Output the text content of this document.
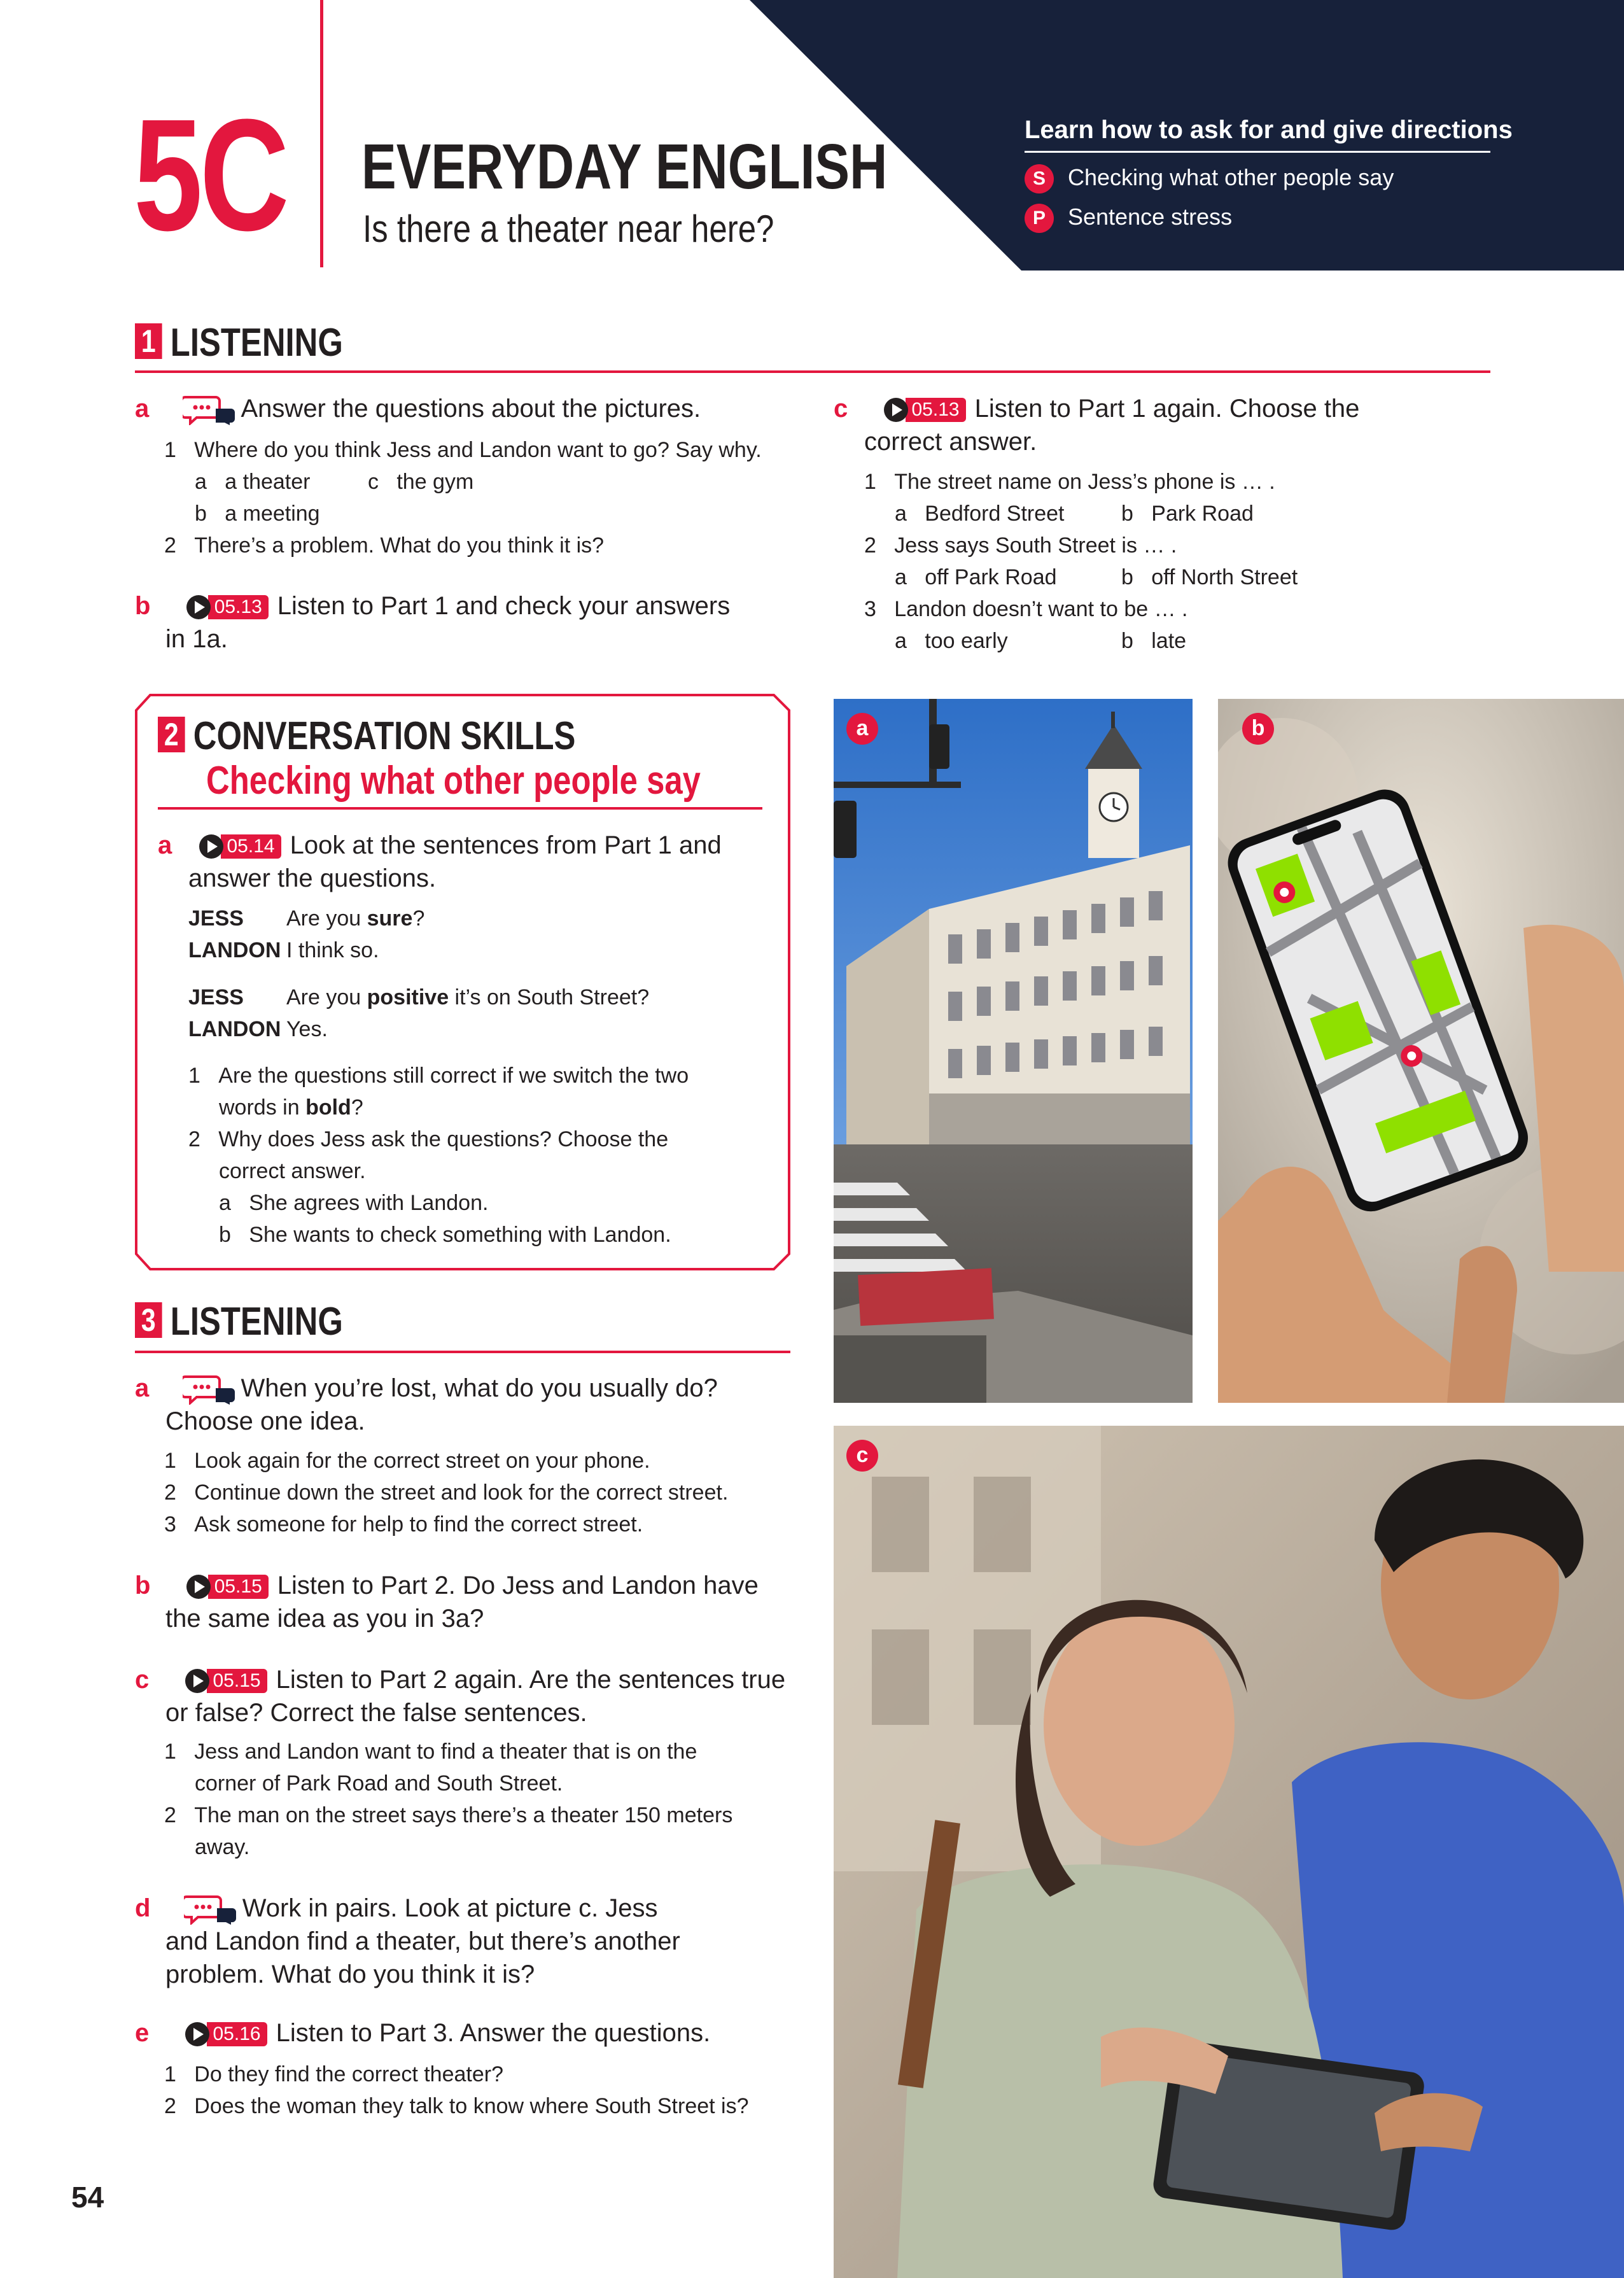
5C EVERYDAY ENGLISH
Is there a theater near here?
Learn how to ask for and give directions
S Checking what other people say
P Sentence stress
1 LISTENING
a	Answer the questions about the pictures.
1 Where do you think Jess and Landon want to go? Say why.
a a theater	c the gym
b a meeting
2 There’s a problem. What do you think it is?
b	05.13 Listen to Part 1 and check your answers
in 1a.
c	05.13 Listen to Part 1 again. Choose the
correct answer.
1 The street name on Jess’s phone is … .
a Bedford Street	b Park Road
2 Jess says South Street is … .
a off Park Road	b off North Street
3 Landon doesn’t want to be … .
a too early	b late
2 CONVERSATION SKILLS
Checking what other people say
a	05.14 Look at the sentences from Part 1 and
answer the questions.
JESS Are you sure?
LANDON I think so.
JESS Are you positive it’s on South Street?
LANDON Yes.
1 Are the questions still correct if we switch the two
words in bold?
2 Why does Jess ask the questions? Choose the
correct answer.
a She agrees with Landon.
b She wants to check something with Landon.
3 LISTENING
a	When you’re lost, what do you usually do?
Choose one idea.
1 Look again for the correct street on your phone.
2 Continue down the street and look for the correct street.
3 Ask someone for help to find the correct street.
b	05.15 Listen to Part 2. Do Jess and Landon have
the same idea as you in 3a?
c	05.15 Listen to Part 2 again. Are the sentences true
or false? Correct the false sentences.
1 Jess and Landon want to find a theater that is on the
corner of Park Road and South Street.
2 The man on the street says there’s a theater 150 meters
away.
d	Work in pairs. Look at picture c. Jess
and Landon find a theater, but there’s another
problem. What do you think it is?
e	05.16 Listen to Part 3. Answer the questions.
1 Do they find the correct theater?
2 Does the woman they talk to know where South Street is?
a	b
c
54
